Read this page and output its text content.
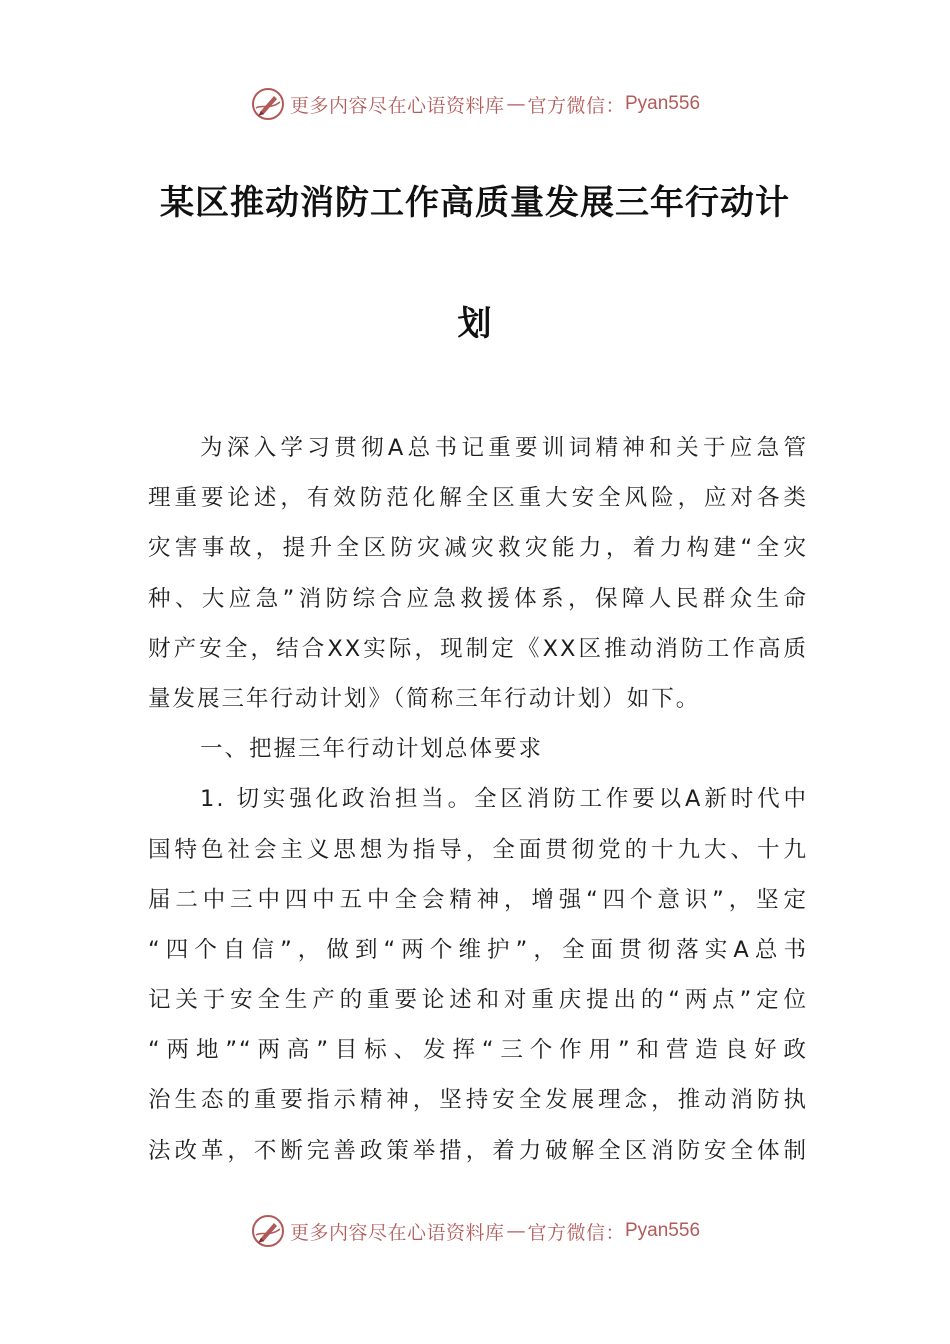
更多内容尽在心语资料库 — 官方微信： Pyan556
某区推动消防工作高质量发展三年行动计
划
为深入学习贯彻A总书记重要训词精神和关于应急管
理重要论述，有效防范化解全区重大安全风险，应对各类
灾害事故，提升全区防灾减灾救灾能力，着力构建“全灾
种、大应急”消防综合应急救援体系，保障人民群众生命
财产安全，结合XX实际，现制定《XX区推动消防工作高质
量发展三年行动计划》（简称三年行动计划）如下。
一、把握三年行动计划总体要求
1. 切实强化政治担当。全区消防工作要以A新时代中
国特色社会主义思想为指导，全面贯彻党的十九大、十九
届二中三中四中五中全会精神，增强“四个意识”，坚定
“四个自信”，做到“两个维护”，全面贯彻落实A总书
记关于安全生产的重要论述和对重庆提出的“两点”定位
“两地”“两高”目标、发挥“三个作用”和营造良好政
治生态的重要指示精神，坚持安全发展理念，推动消防执
法改革，不断完善政策举措，着力破解全区消防安全体制
更多内容尽在心语资料库 — 官方微信： Pyan556
